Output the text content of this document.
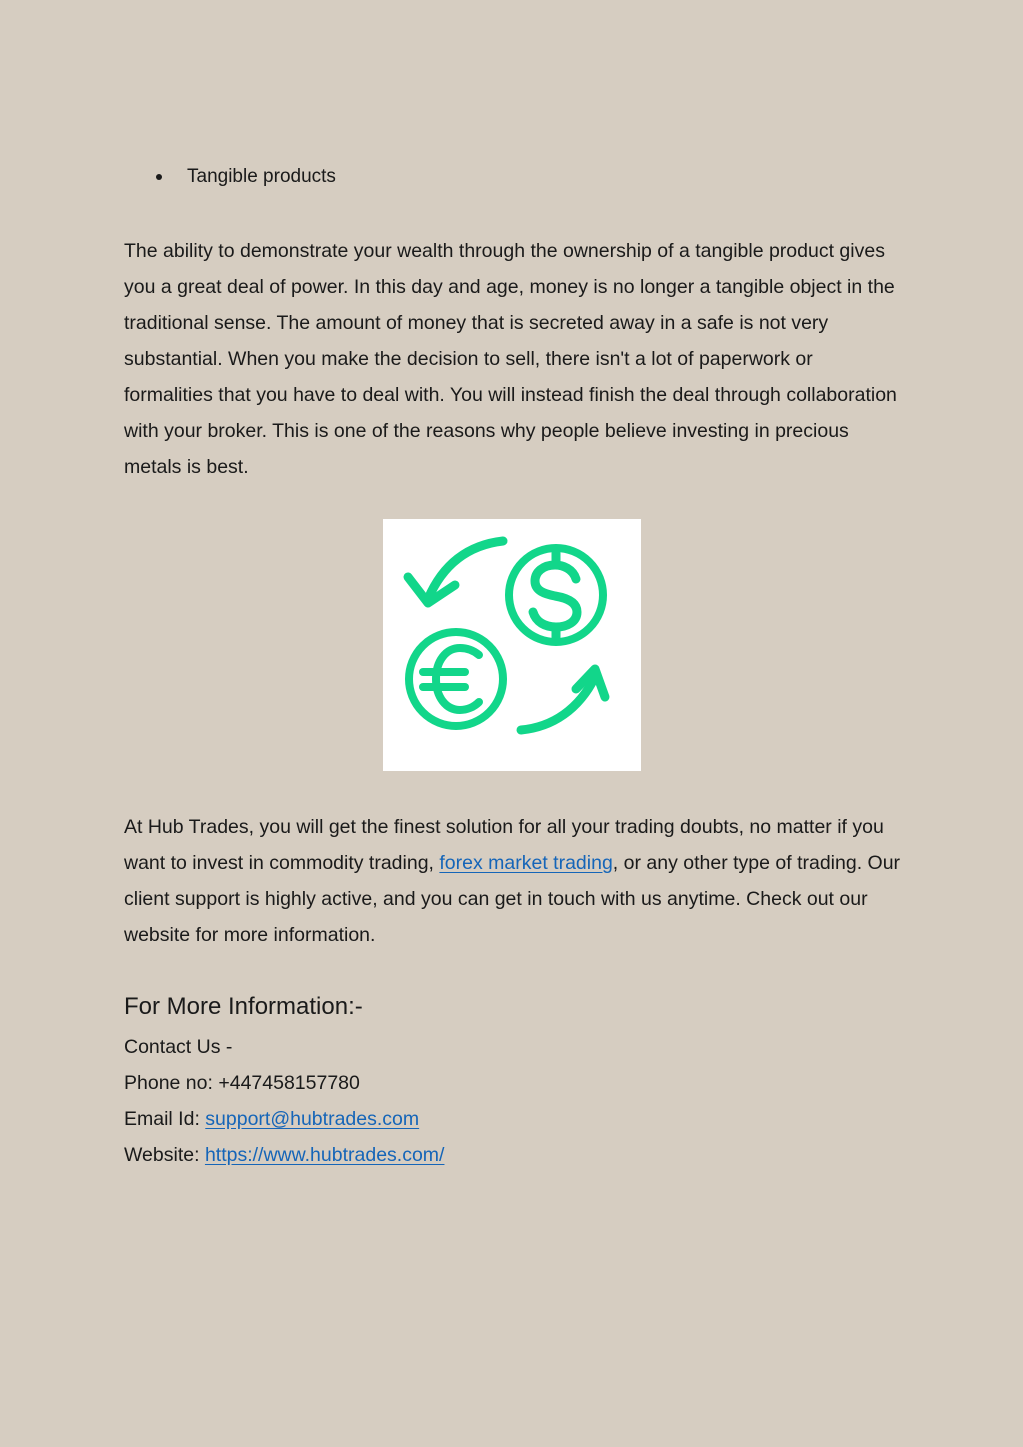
Tangible products

The ability to demonstrate your wealth through the ownership of a tangible product gives you a great deal of power. In this day and age, money is no longer a tangible object in the traditional sense. The amount of money that is secreted away in a safe is not very substantial. When you make the decision to sell, there isn't a lot of paperwork or formalities that you have to deal with. You will instead finish the deal through collaboration with your broker. This is one of the reasons why people believe investing in precious metals is best.

At Hub Trades, you will get the finest solution for all your trading doubts, no matter if you want to invest in commodity trading, forex market trading, or any other type of trading. Our client support is highly active, and you can get in touch with us anytime. Check out our website for more information.

For More Information:-

Contact Us -

Phone no: +447458157780

Email Id: support@hubtrades.com

Website: https://www.hubtrades.com/
